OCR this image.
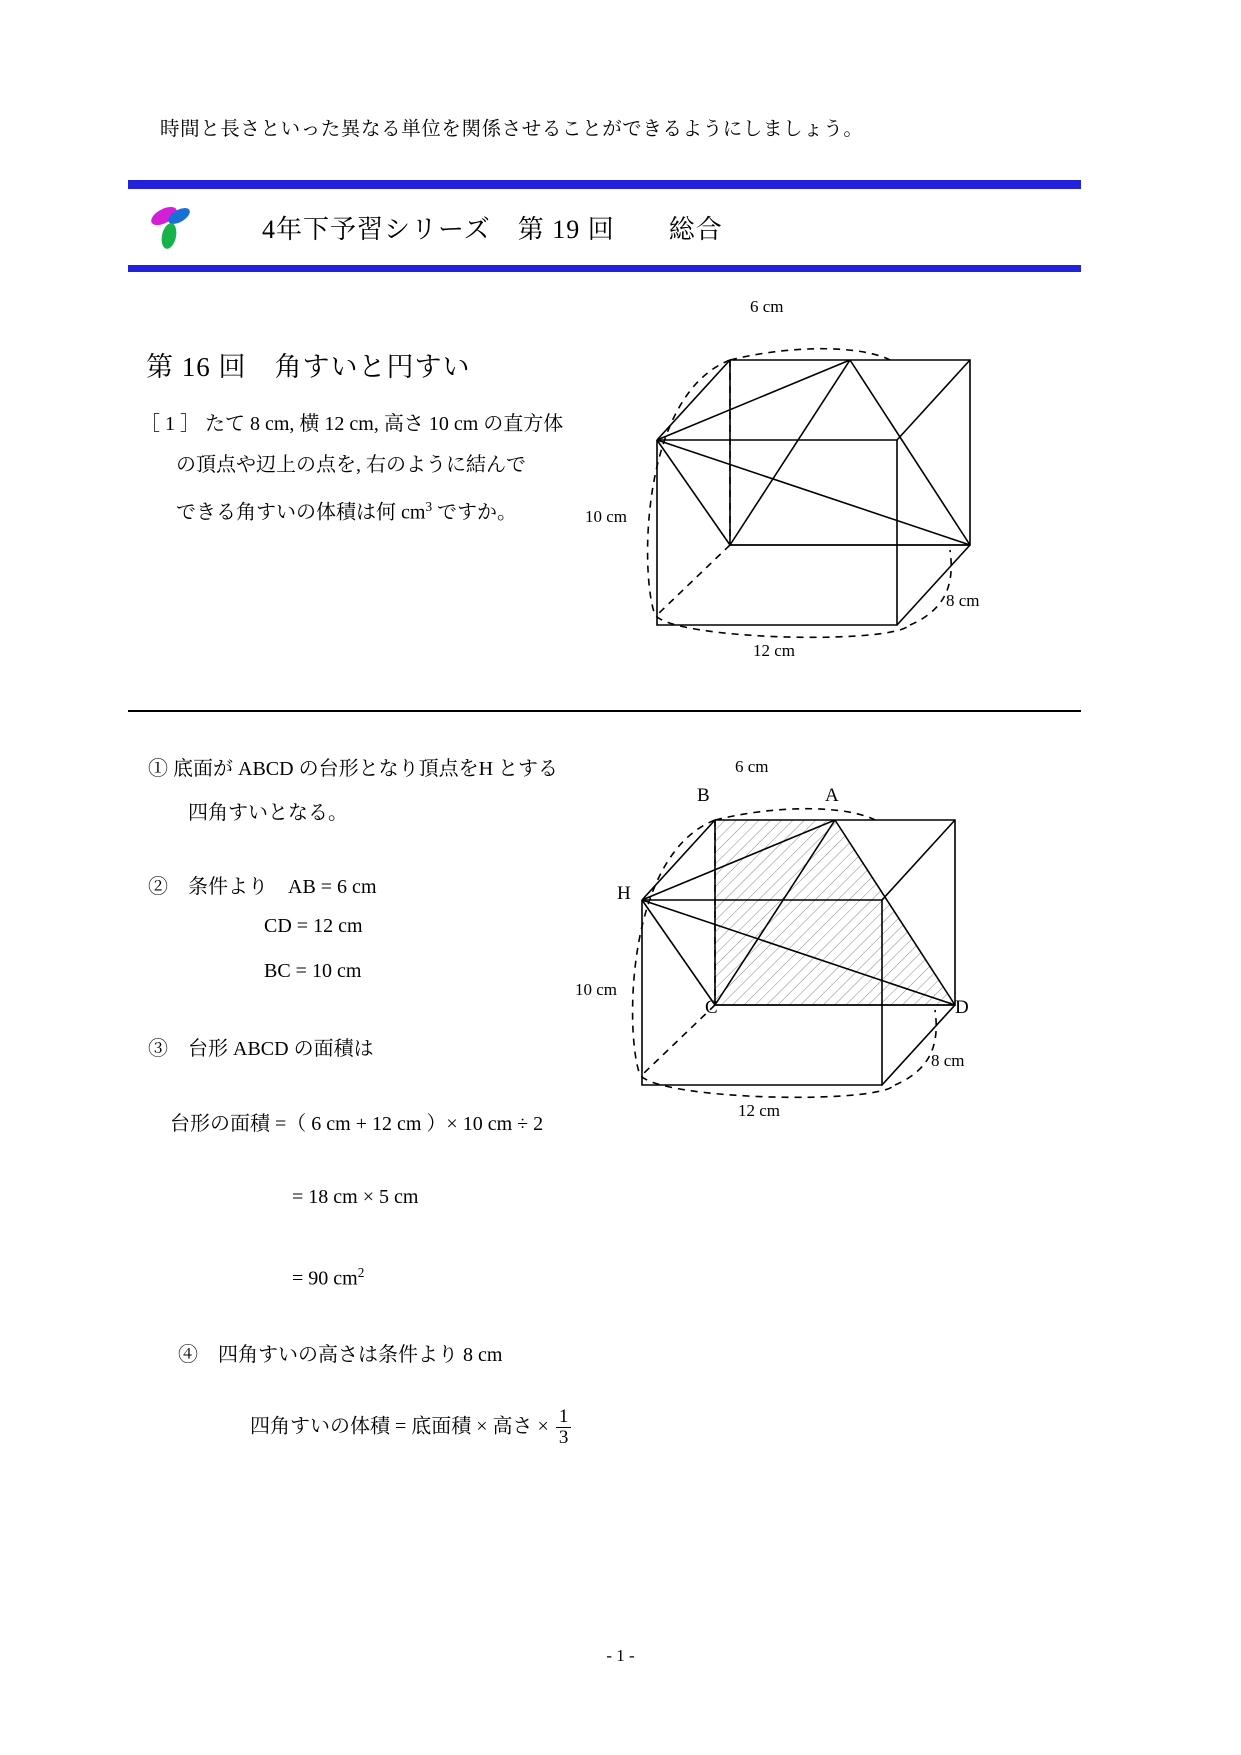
時間と長さといった異なる単位を関係させることができるようにしましょう。
4年下予習シリーズ　第 19 回　　総合
第 16 回　角すいと円すい
［ 1 ］ たて 8 cm, 横 12 cm, 高さ 10 cm の直方体
の頂点や辺上の点を, 右のように結んで
できる角すいの体積は何 $cm^3$ ですか。
6 cm
10 cm
8 cm
12 cm
① 底面が ABCD の台形となり頂点をH とする
四角すいとなる。
②　条件より　AB = 6 cm
CD = 12 cm
BC = 10 cm
③　台形 ABCD の面積は
台形の面積 =（ 6 cm + 12 cm ）× 10 cm ÷ 2
= 18 cm × 5 cm
= 90 $cm^2$
④　四角すいの高さは条件より 8 cm
四角すいの体積 = 底面積 × 高さ × $\frac{1}{3}$
6 cm
10 cm
8 cm
12 cm
A
B
C	D
H
- 1 -
